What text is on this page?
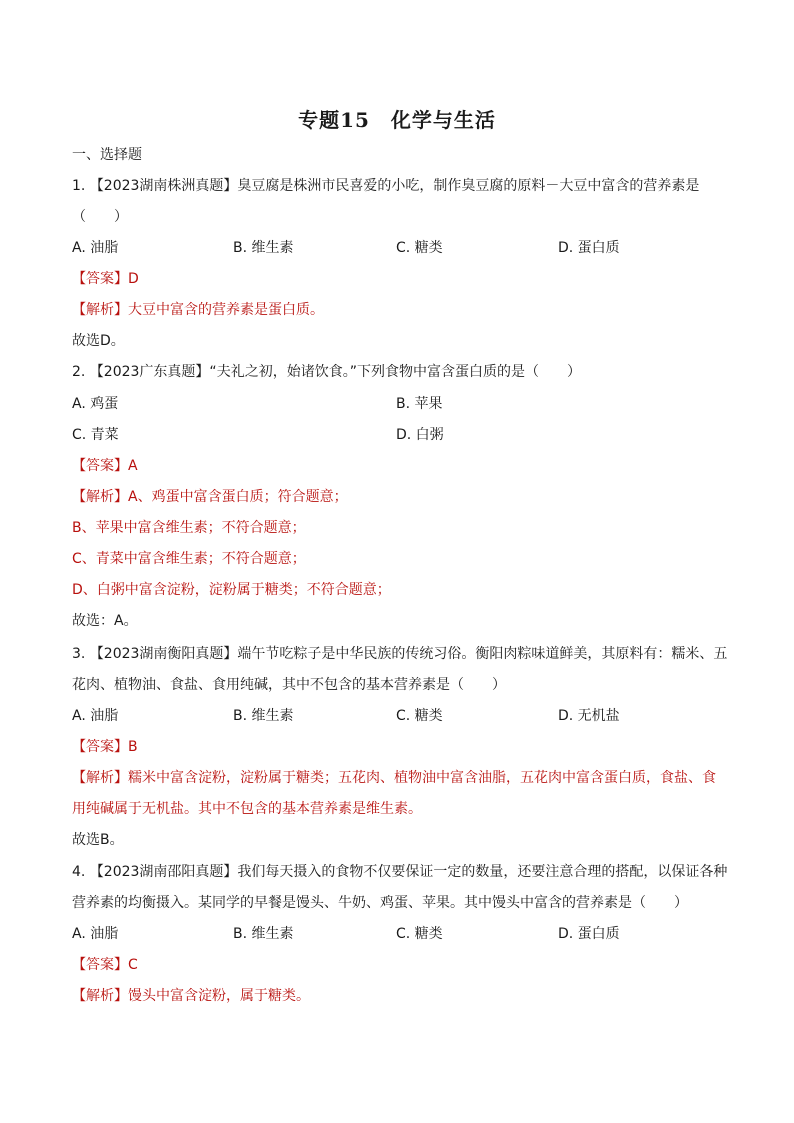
专题15　化学与生活
一、选择题
1. 【2023湖南株洲真题】臭豆腐是株洲市民喜爱的小吃，制作臭豆腐的原料－大豆中富含的营养素是
（　　）
A. 油脂	B. 维生素	C. 糖类	D. 蛋白质
【答案】D
【解析】大豆中富含的营养素是蛋白质。
故选D。
2. 【2023广东真题】“夫礼之初，始诸饮食。”下列食物中富含蛋白质的是（　　）
A. 鸡蛋	B. 苹果
C. 青菜	D. 白粥
【答案】A
【解析】A、鸡蛋中富含蛋白质；符合题意；
B、苹果中富含维生素；不符合题意；
C、青菜中富含维生素；不符合题意；
D、白粥中富含淀粉，淀粉属于糖类；不符合题意；
故选：A。
3. 【2023湖南衡阳真题】端午节吃粽子是中华民族的传统习俗。衡阳肉粽味道鲜美，其原料有：糯米、五
花肉、植物油、食盐、食用纯碱，其中不包含的基本营养素是（　　）
A. 油脂	B. 维生素	C. 糖类	D. 无机盐
【答案】B
【解析】糯米中富含淀粉，淀粉属于糖类；五花肉、植物油中富含油脂，五花肉中富含蛋白质，食盐、食
用纯碱属于无机盐。其中不包含的基本营养素是维生素。
故选B。
4. 【2023湖南邵阳真题】我们每天摄入的食物不仅要保证一定的数量，还要注意合理的搭配，以保证各种
营养素的均衡摄入。某同学的早餐是馒头、牛奶、鸡蛋、苹果。其中馒头中富含的营养素是（　　）
A. 油脂	B. 维生素	C. 糖类	D. 蛋白质
【答案】C
【解析】馒头中富含淀粉，属于糖类。
